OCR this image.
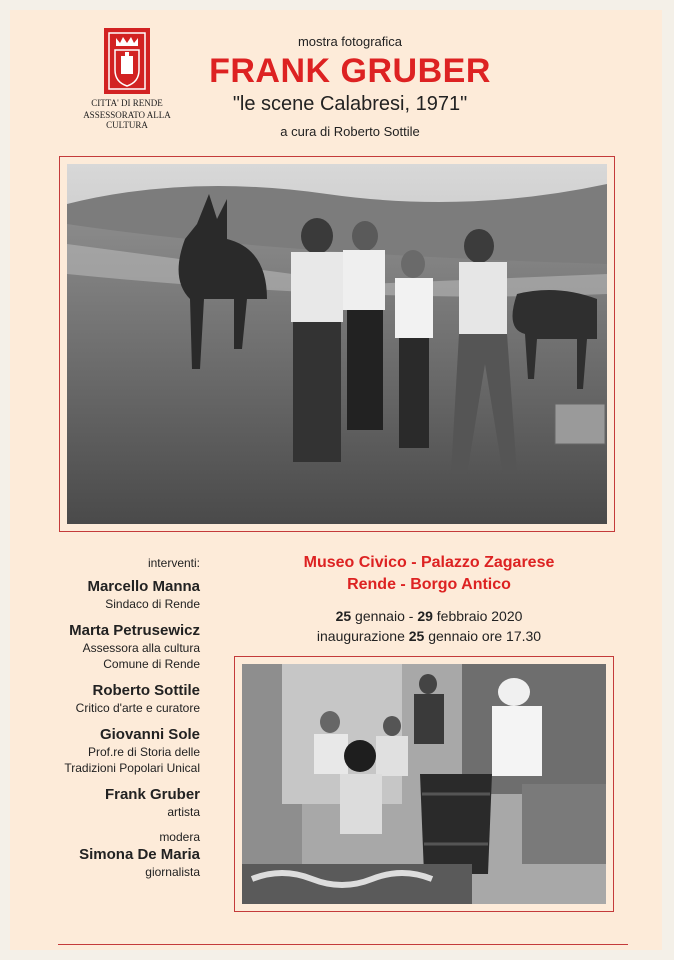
CITTA' DI RENDE
ASSESSORATO ALLA CULTURA
mostra fotografica
FRANK GRUBER
"le scene Calabresi, 1971"
a cura di Roberto Sottile
interventi:
Marcello Manna
Sindaco di Rende
Marta Petrusewicz
Assessora alla cultura
Comune di Rende
Roberto Sottile
Critico d'arte e curatore
Giovanni Sole
Prof.re di Storia delle
Tradizioni Popolari Unical
Frank Gruber
artista
modera
Simona De Maria
giornalista
Museo Civico - Palazzo Zagarese
Rende - Borgo Antico
25 gennaio - 29 febbraio 2020
inaugurazione 25 gennaio ore 17.30
